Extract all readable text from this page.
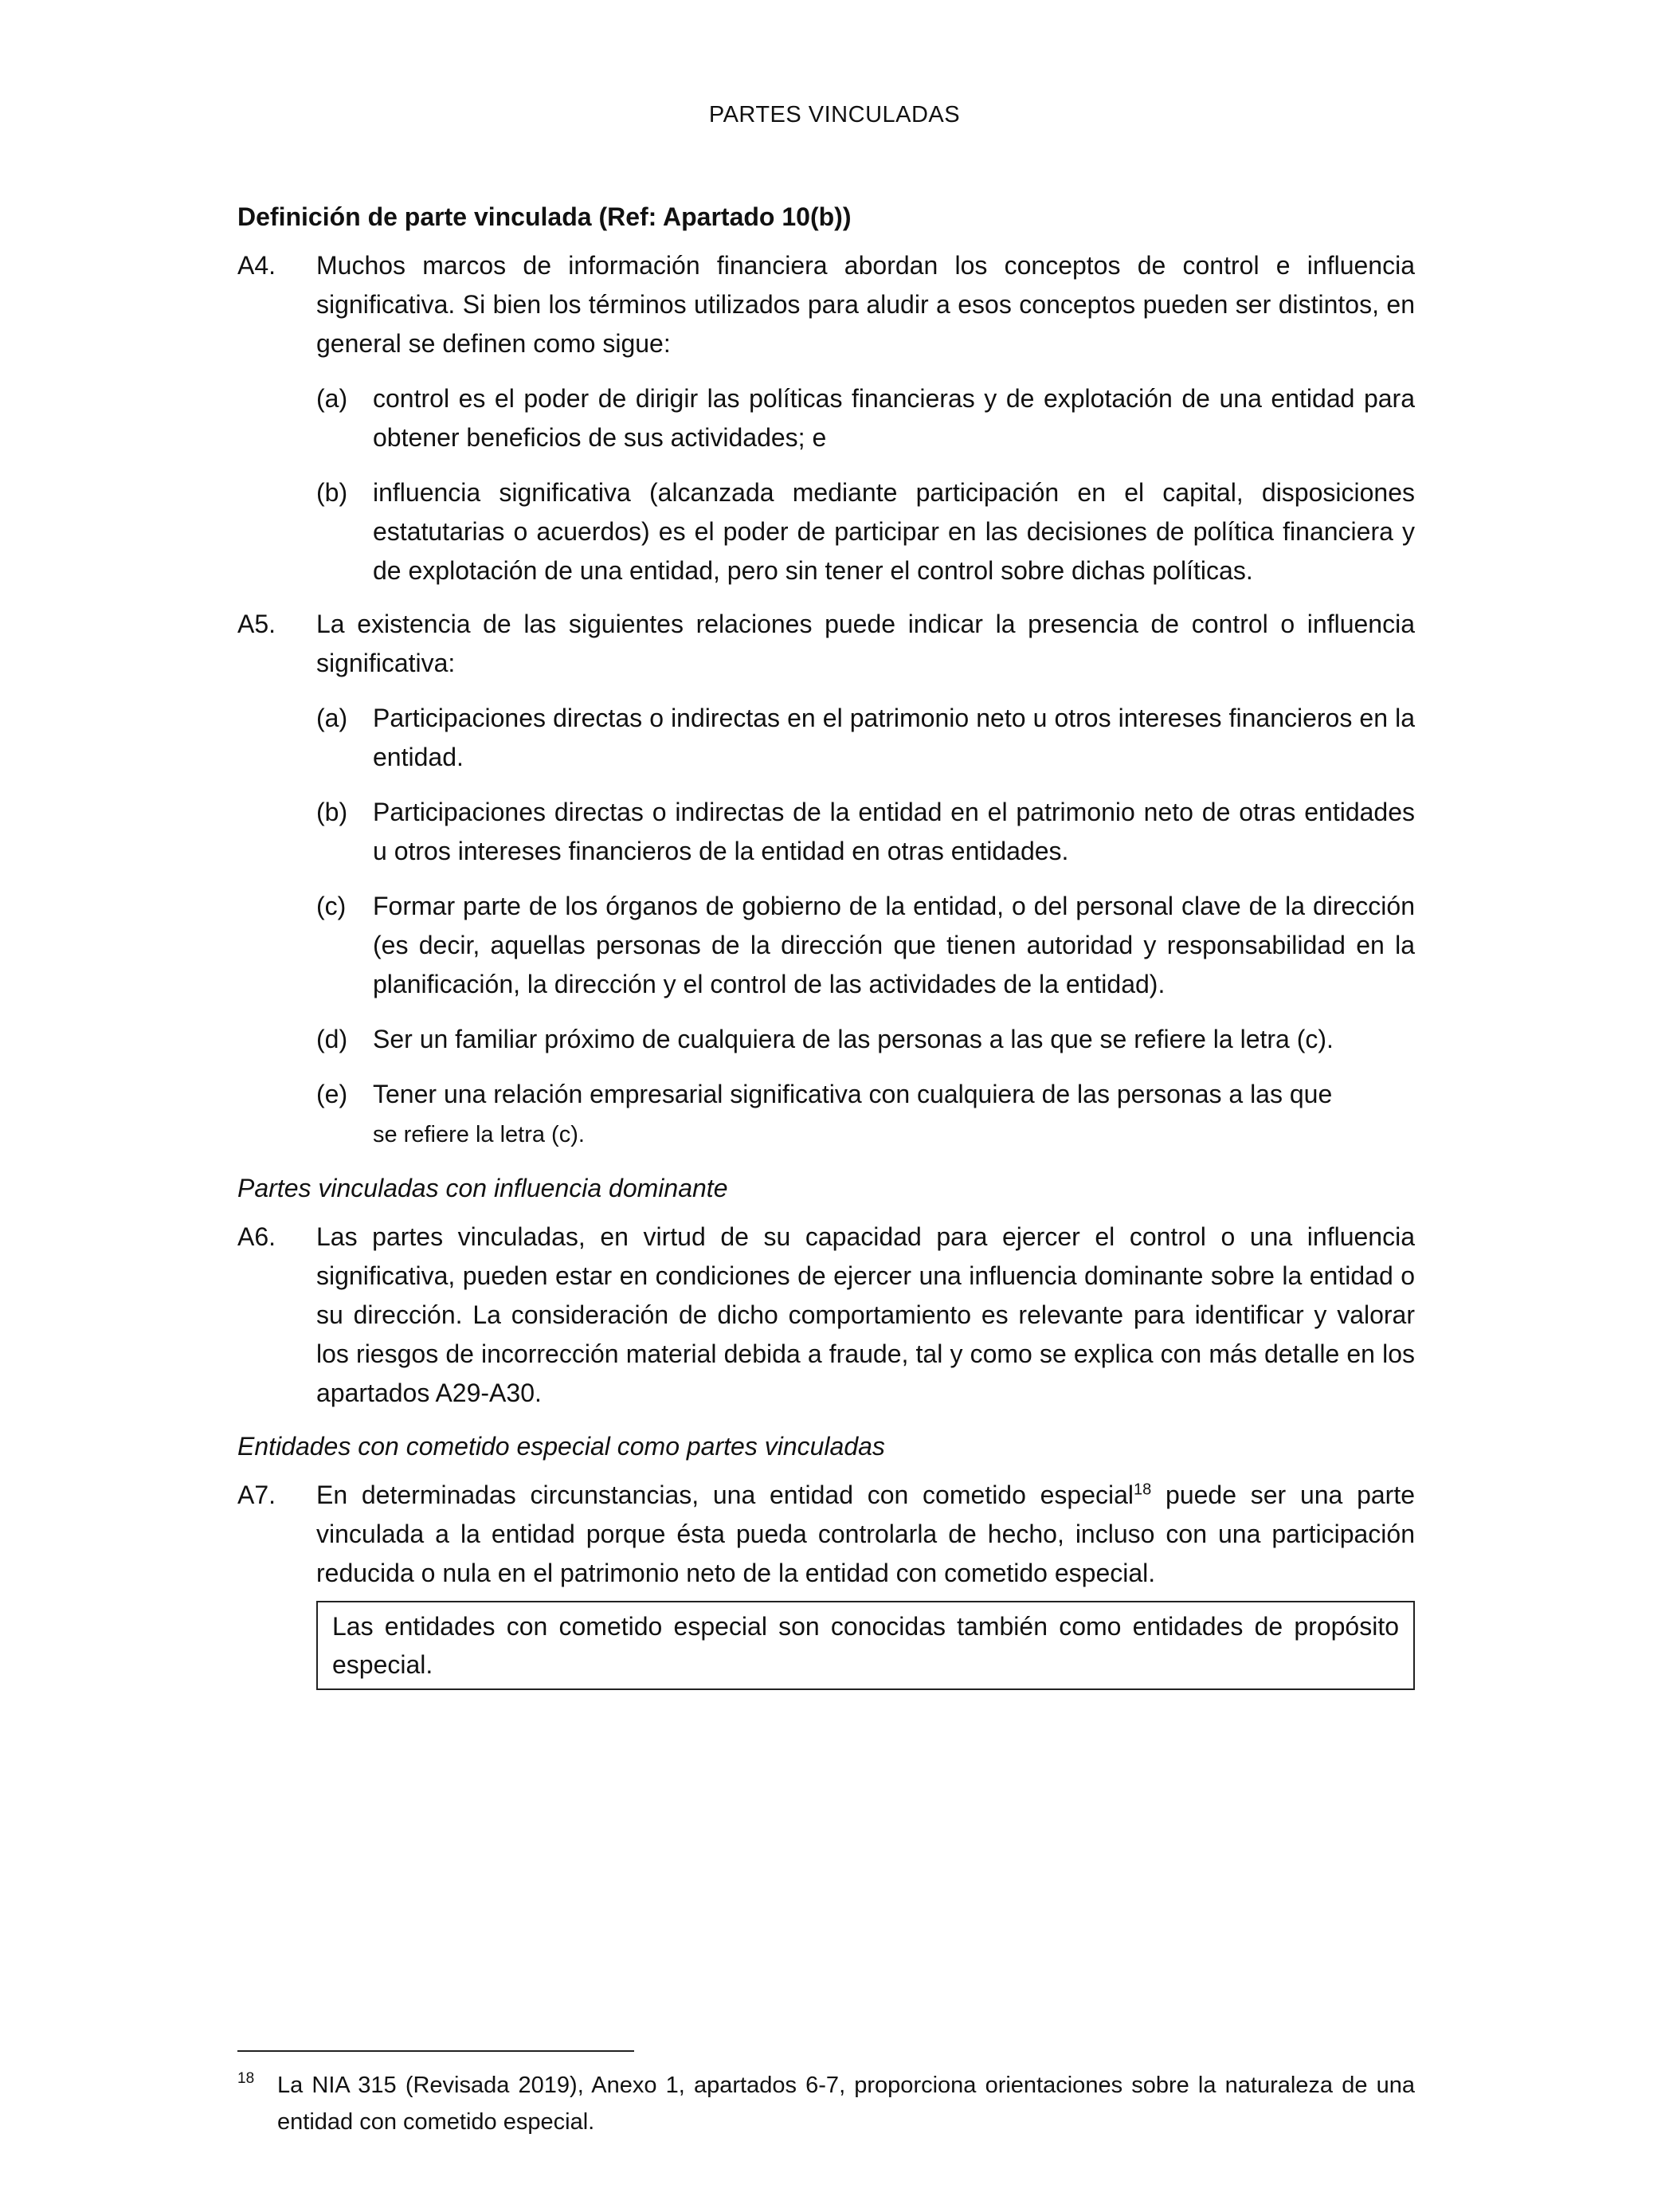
PARTES VINCULADAS
Definición de parte vinculada (Ref: Apartado 10(b))
A4.	Muchos marcos de información financiera abordan los conceptos de control e influencia significativa. Si bien los términos utilizados para aludir a esos conceptos pueden ser distintos, en general se definen como sigue:

(a) control es el poder de dirigir las políticas financieras y de explotación de una entidad para obtener beneficios de sus actividades; e
(b) influencia significativa (alcanzada mediante participación en el capital, disposiciones estatutarias o acuerdos) es el poder de participar en las decisiones de política financiera y de explotación de una entidad, pero sin tener el control sobre dichas políticas.
A5.	La existencia de las siguientes relaciones puede indicar la presencia de control o influencia significativa:

(a) Participaciones directas o indirectas en el patrimonio neto u otros intereses financieros en la entidad.
(b) Participaciones directas o indirectas de la entidad en el patrimonio neto de otras entidades u otros intereses financieros de la entidad en otras entidades.
(c)	Formar parte de los órganos de gobierno de la entidad, o del personal clave de la dirección (es decir, aquellas personas de la dirección que tienen autoridad y responsabilidad en la planificación, la dirección y el control de las actividades de la entidad).
(d) Ser un familiar próximo de cualquiera de las personas a las que se refiere la letra (c).
(e) Tener una relación empresarial significativa con cualquiera de las personas a las que
se refiere la letra (c).
Partes vinculadas con influencia dominante
A6.	Las partes vinculadas, en virtud de su capacidad para ejercer el control o una influencia significativa, pueden estar en condiciones de ejercer una influencia dominante sobre la entidad o su dirección. La consideración de dicho comportamiento es relevante para identificar y valorar los riesgos de incorrección material debida a fraude, tal y como se explica con más detalle en los apartados A29-A30.

Entidades con cometido especial como partes vinculadas
A7.	En determinadas circunstancias, una entidad con cometido especial$^{18}$ puede ser una parte vinculada a la entidad porque ésta pueda controlarla de hecho, incluso con una participación reducida o nula en el patrimonio neto de la entidad con cometido especial.

Las entidades con cometido especial son conocidas también como entidades de propósito especial.
18 La NIA 315 (Revisada 2019), Anexo 1, apartados 6-7, proporciona orientaciones sobre la naturaleza de una entidad con cometido especial.
